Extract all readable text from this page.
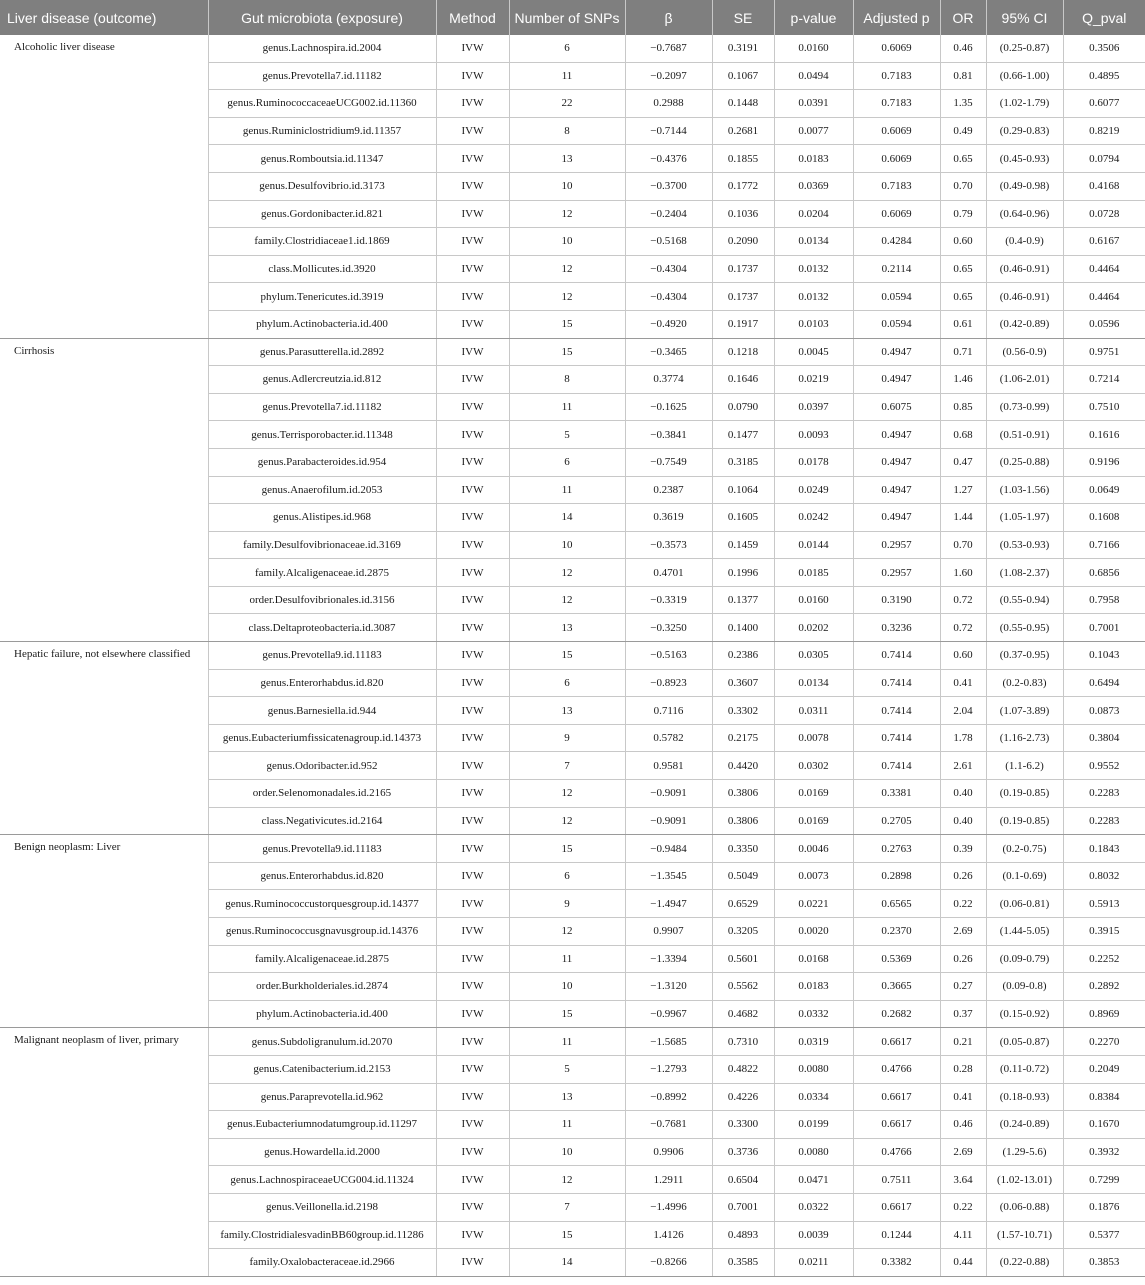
Liver disease (outcome)	Gut microbiota (exposure)	Method	Number of SNPs	β	SE	p-value	Adjusted p	OR	95% CI	Q_pval
Alcoholic liver disease	genus.Lachnospira.id.2004	IVW	6	−0.7687	0.3191	0.0160	0.6069	0.46	(0.25-0.87)	0.3506
	genus.Prevotella7.id.11182	IVW	11	−0.2097	0.1067	0.0494	0.7183	0.81	(0.66-1.00)	0.4895
	genus.RuminococcaceaeUCG002.id.11360	IVW	22	0.2988	0.1448	0.0391	0.7183	1.35	(1.02-1.79)	0.6077
	genus.Ruminiclostridium9.id.11357	IVW	8	−0.7144	0.2681	0.0077	0.6069	0.49	(0.29-0.83)	0.8219
	genus.Romboutsia.id.11347	IVW	13	−0.4376	0.1855	0.0183	0.6069	0.65	(0.45-0.93)	0.0794
	genus.Desulfovibrio.id.3173	IVW	10	−0.3700	0.1772	0.0369	0.7183	0.70	(0.49-0.98)	0.4168
	genus.Gordonibacter.id.821	IVW	12	−0.2404	0.1036	0.0204	0.6069	0.79	(0.64-0.96)	0.0728
	family.Clostridiaceae1.id.1869	IVW	10	−0.5168	0.2090	0.0134	0.4284	0.60	(0.4-0.9)	0.6167
	class.Mollicutes.id.3920	IVW	12	−0.4304	0.1737	0.0132	0.2114	0.65	(0.46-0.91)	0.4464
	phylum.Tenericutes.id.3919	IVW	12	−0.4304	0.1737	0.0132	0.0594	0.65	(0.46-0.91)	0.4464
	phylum.Actinobacteria.id.400	IVW	15	−0.4920	0.1917	0.0103	0.0594	0.61	(0.42-0.89)	0.0596
Cirrhosis	genus.Parasutterella.id.2892	IVW	15	−0.3465	0.1218	0.0045	0.4947	0.71	(0.56-0.9)	0.9751
	genus.Adlercreutzia.id.812	IVW	8	0.3774	0.1646	0.0219	0.4947	1.46	(1.06-2.01)	0.7214
	genus.Prevotella7.id.11182	IVW	11	−0.1625	0.0790	0.0397	0.6075	0.85	(0.73-0.99)	0.7510
	genus.Terrisporobacter.id.11348	IVW	5	−0.3841	0.1477	0.0093	0.4947	0.68	(0.51-0.91)	0.1616
	genus.Parabacteroides.id.954	IVW	6	−0.7549	0.3185	0.0178	0.4947	0.47	(0.25-0.88)	0.9196
	genus.Anaerofilum.id.2053	IVW	11	0.2387	0.1064	0.0249	0.4947	1.27	(1.03-1.56)	0.0649
	genus.Alistipes.id.968	IVW	14	0.3619	0.1605	0.0242	0.4947	1.44	(1.05-1.97)	0.1608
	family.Desulfovibrionaceae.id.3169	IVW	10	−0.3573	0.1459	0.0144	0.2957	0.70	(0.53-0.93)	0.7166
	family.Alcaligenaceae.id.2875	IVW	12	0.4701	0.1996	0.0185	0.2957	1.60	(1.08-2.37)	0.6856
	order.Desulfovibrionales.id.3156	IVW	12	−0.3319	0.1377	0.0160	0.3190	0.72	(0.55-0.94)	0.7958
	class.Deltaproteobacteria.id.3087	IVW	13	−0.3250	0.1400	0.0202	0.3236	0.72	(0.55-0.95)	0.7001
Hepatic failure, not elsewhere classified	genus.Prevotella9.id.11183	IVW	15	−0.5163	0.2386	0.0305	0.7414	0.60	(0.37-0.95)	0.1043
	genus.Enterorhabdus.id.820	IVW	6	−0.8923	0.3607	0.0134	0.7414	0.41	(0.2-0.83)	0.6494
	genus.Barnesiella.id.944	IVW	13	0.7116	0.3302	0.0311	0.7414	2.04	(1.07-3.89)	0.0873
	genus.Eubacteriumfissicatenagroup.id.14373	IVW	9	0.5782	0.2175	0.0078	0.7414	1.78	(1.16-2.73)	0.3804
	genus.Odoribacter.id.952	IVW	7	0.9581	0.4420	0.0302	0.7414	2.61	(1.1-6.2)	0.9552
	order.Selenomonadales.id.2165	IVW	12	−0.9091	0.3806	0.0169	0.3381	0.40	(0.19-0.85)	0.2283
	class.Negativicutes.id.2164	IVW	12	−0.9091	0.3806	0.0169	0.2705	0.40	(0.19-0.85)	0.2283
Benign neoplasm: Liver	genus.Prevotella9.id.11183	IVW	15	−0.9484	0.3350	0.0046	0.2763	0.39	(0.2-0.75)	0.1843
	genus.Enterorhabdus.id.820	IVW	6	−1.3545	0.5049	0.0073	0.2898	0.26	(0.1-0.69)	0.8032
	genus.Ruminococcustorquesgroup.id.14377	IVW	9	−1.4947	0.6529	0.0221	0.6565	0.22	(0.06-0.81)	0.5913
	genus.Ruminococcusgnavusgroup.id.14376	IVW	12	0.9907	0.3205	0.0020	0.2370	2.69	(1.44-5.05)	0.3915
	family.Alcaligenaceae.id.2875	IVW	11	−1.3394	0.5601	0.0168	0.5369	0.26	(0.09-0.79)	0.2252
	order.Burkholderiales.id.2874	IVW	10	−1.3120	0.5562	0.0183	0.3665	0.27	(0.09-0.8)	0.2892
	phylum.Actinobacteria.id.400	IVW	15	−0.9967	0.4682	0.0332	0.2682	0.37	(0.15-0.92)	0.8969
Malignant neoplasm of liver, primary	genus.Subdoligranulum.id.2070	IVW	11	−1.5685	0.7310	0.0319	0.6617	0.21	(0.05-0.87)	0.2270
	genus.Catenibacterium.id.2153	IVW	5	−1.2793	0.4822	0.0080	0.4766	0.28	(0.11-0.72)	0.2049
	genus.Paraprevotella.id.962	IVW	13	−0.8992	0.4226	0.0334	0.6617	0.41	(0.18-0.93)	0.8384
	genus.Eubacteriumnodatumgroup.id.11297	IVW	11	−0.7681	0.3300	0.0199	0.6617	0.46	(0.24-0.89)	0.1670
	genus.Howardella.id.2000	IVW	10	0.9906	0.3736	0.0080	0.4766	2.69	(1.29-5.6)	0.3932
	genus.LachnospiraceaeUCG004.id.11324	IVW	12	1.2911	0.6504	0.0471	0.7511	3.64	(1.02-13.01)	0.7299
	genus.Veillonella.id.2198	IVW	7	−1.4996	0.7001	0.0322	0.6617	0.22	(0.06-0.88)	0.1876
	family.ClostridialesvadinBB60group.id.11286	IVW	15	1.4126	0.4893	0.0039	0.1244	4.11	(1.57-10.71)	0.5377
	family.Oxalobacteraceae.id.2966	IVW	14	−0.8266	0.3585	0.0211	0.3382	0.44	(0.22-0.88)	0.3853
